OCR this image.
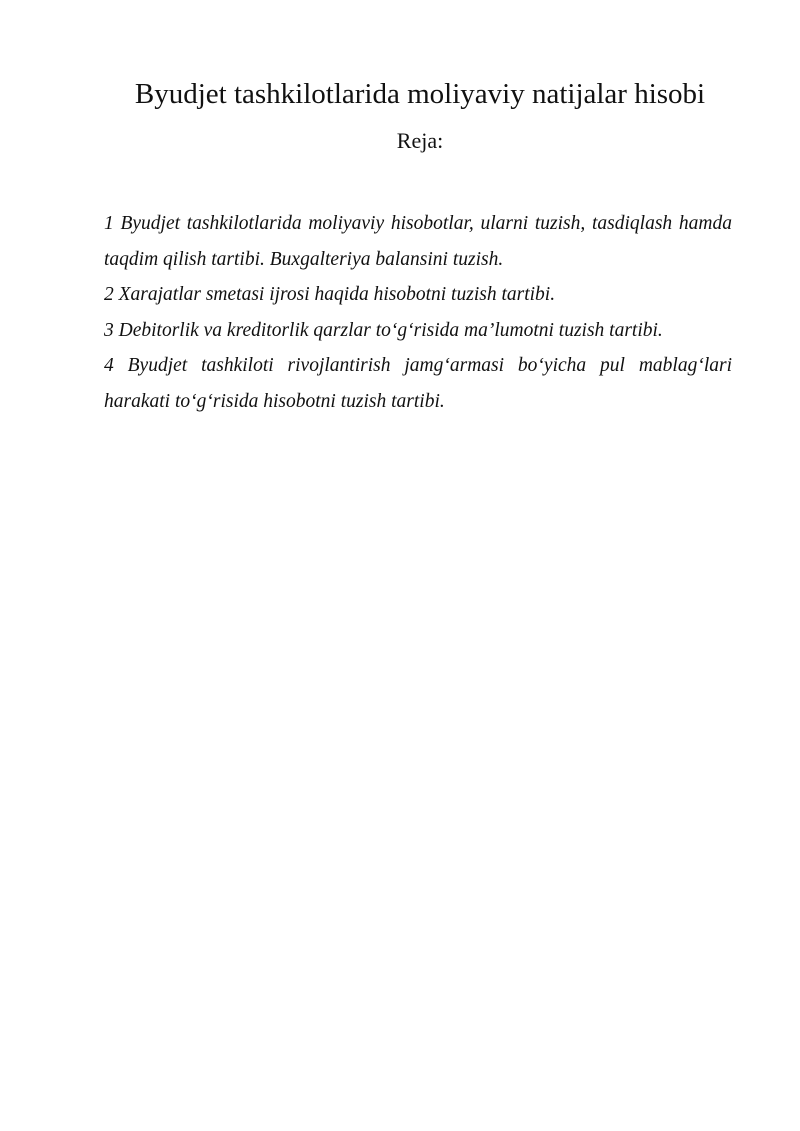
Byudjet tashkilotlarida moliyaviy natijalar hisobi
Reja:
1 Byudjet tashkilotlarida moliyaviy hisobotlar, ularni tuzish, tasdiqlash hamda taqdim qilish tartibi. Buxgalteriya balansini tuzish.
2 Xarajatlar smetasi ijrosi haqida hisobotni tuzish tartibi.
3 Debitorlik va kreditorlik qarzlar to‘g‘risida ma’lumotni tuzish tartibi.
4 Byudjet tashkiloti rivojlantirish jamg‘armasi bo‘yicha pul mablag‘lari harakati to‘g‘risida hisobotni tuzish tartibi.
